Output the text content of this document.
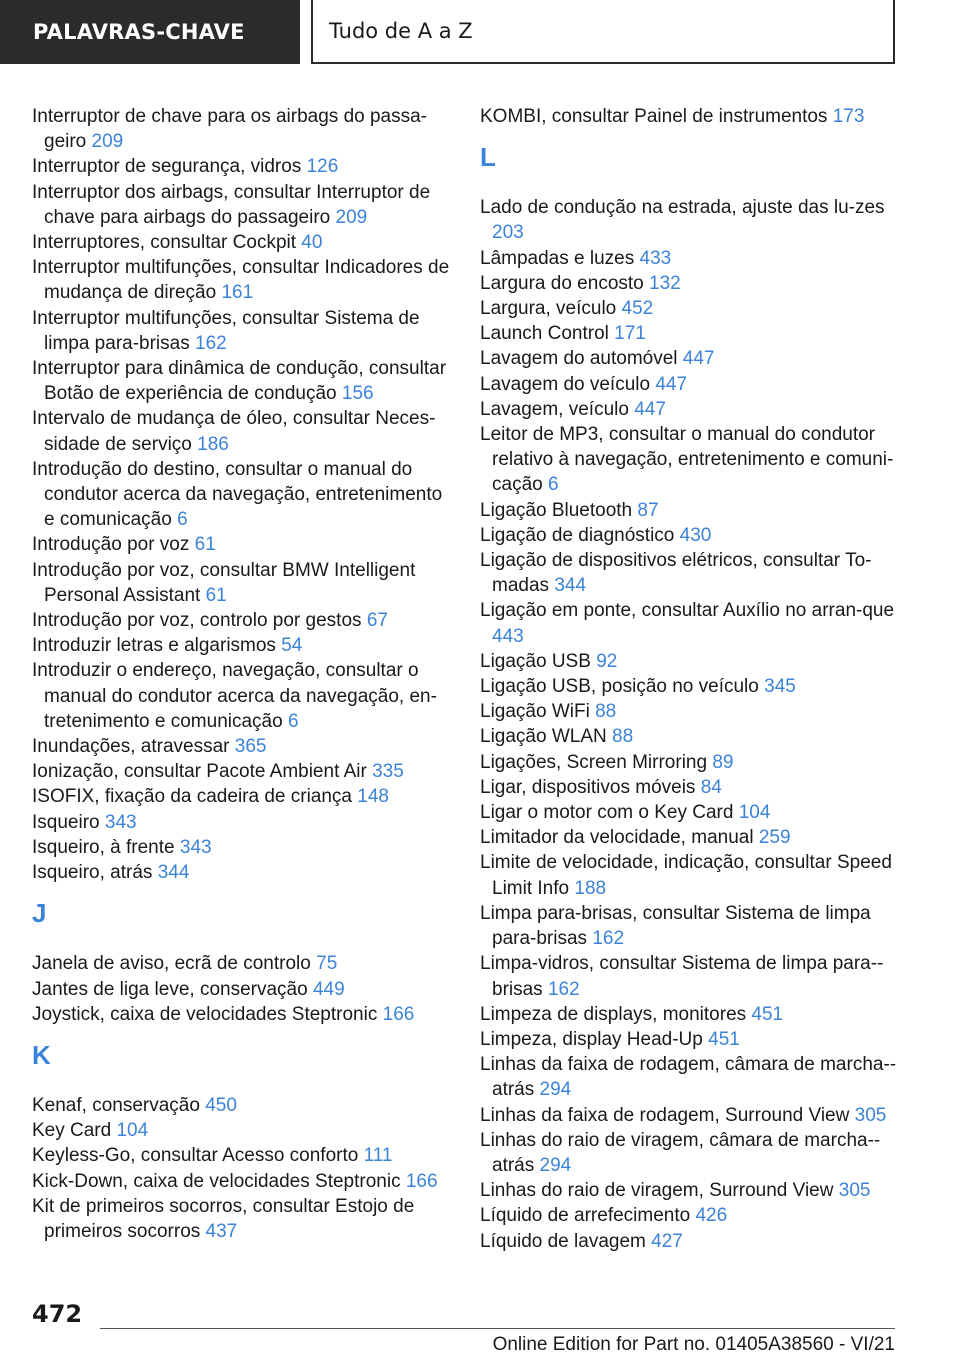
PALAVRAS-CHAVE	Tudo de A a Z
Interruptor de chave para os airbags do passa‐geiro 209
Interruptor de segurança, vidros 126
Interruptor dos airbags, consultar Interruptor de chave para airbags do passageiro 209
Interruptores, consultar Cockpit 40
Interruptor multifunções, consultar Indicadores de mudança de direção 161
Interruptor multifunções, consultar Sistema de limpa para-brisas 162
Interruptor para dinâmica de condução, consultar Botão de experiência de condução 156
Intervalo de mudança de óleo, consultar Neces‐sidade de serviço 186
Introdução do destino, consultar o manual do condutor acerca da navegação, entretenimento e comunicação 6
Introdução por voz 61
Introdução por voz, consultar BMW Intelligent Personal Assistant 61
Introdução por voz, controlo por gestos 67
Introduzir letras e algarismos 54
Introduzir o endereço, navegação, consultar o manual do condutor acerca da navegação, en‐tretenimento e comunicação 6
Inundações, atravessar 365
Ionização, consultar Pacote Ambient Air 335
ISOFIX, fixação da cadeira de criança 148
Isqueiro 343
Isqueiro, à frente 343
Isqueiro, atrás 344
J
Janela de aviso, ecrã de controlo 75
Jantes de liga leve, conservação 449
Joystick, caixa de velocidades Steptronic 166
K
Kenaf, conservação 450
Key Card 104
Keyless-Go, consultar Acesso conforto 111
Kick-Down, caixa de velocidades Steptronic 166
Kit de primeiros socorros, consultar Estojo de primeiros socorros 437
KOMBI, consultar Painel de instrumentos 173
L
Lado de condução na estrada, ajuste das lu‐zes 203
Lâmpadas e luzes 433
Largura do encosto 132
Largura, veículo 452
Launch Control 171
Lavagem do automóvel 447
Lavagem do veículo 447
Lavagem, veículo 447
Leitor de MP3, consultar o manual do condutor relativo à navegação, entretenimento e comuni‐cação 6
Ligação Bluetooth 87
Ligação de diagnóstico 430
Ligação de dispositivos elétricos, consultar To‐madas 344
Ligação em ponte, consultar Auxílio no arran‐que 443
Ligação USB 92
Ligação USB, posição no veículo 345
Ligação WiFi 88
Ligação WLAN 88
Ligações, Screen Mirroring 89
Ligar, dispositivos móveis 84
Ligar o motor com o Key Card 104
Limitador da velocidade, manual 259
Limite de velocidade, indicação, consultar Speed Limit Info 188
Limpa para-brisas, consultar Sistema de limpa para-brisas 162
Limpa-vidros, consultar Sistema de limpa para‐-brisas 162
Limpeza de displays, monitores 451
Limpeza, display Head-Up 451
Linhas da faixa de rodagem, câmara de marcha‐-atrás 294
Linhas da faixa de rodagem, Surround View 305
Linhas do raio de viragem, câmara de marcha‐-atrás 294
Linhas do raio de viragem, Surround View 305
Líquido de arrefecimento 426
Líquido de lavagem 427
472
Online Edition for Part no. 01405A38560 - VI/21
